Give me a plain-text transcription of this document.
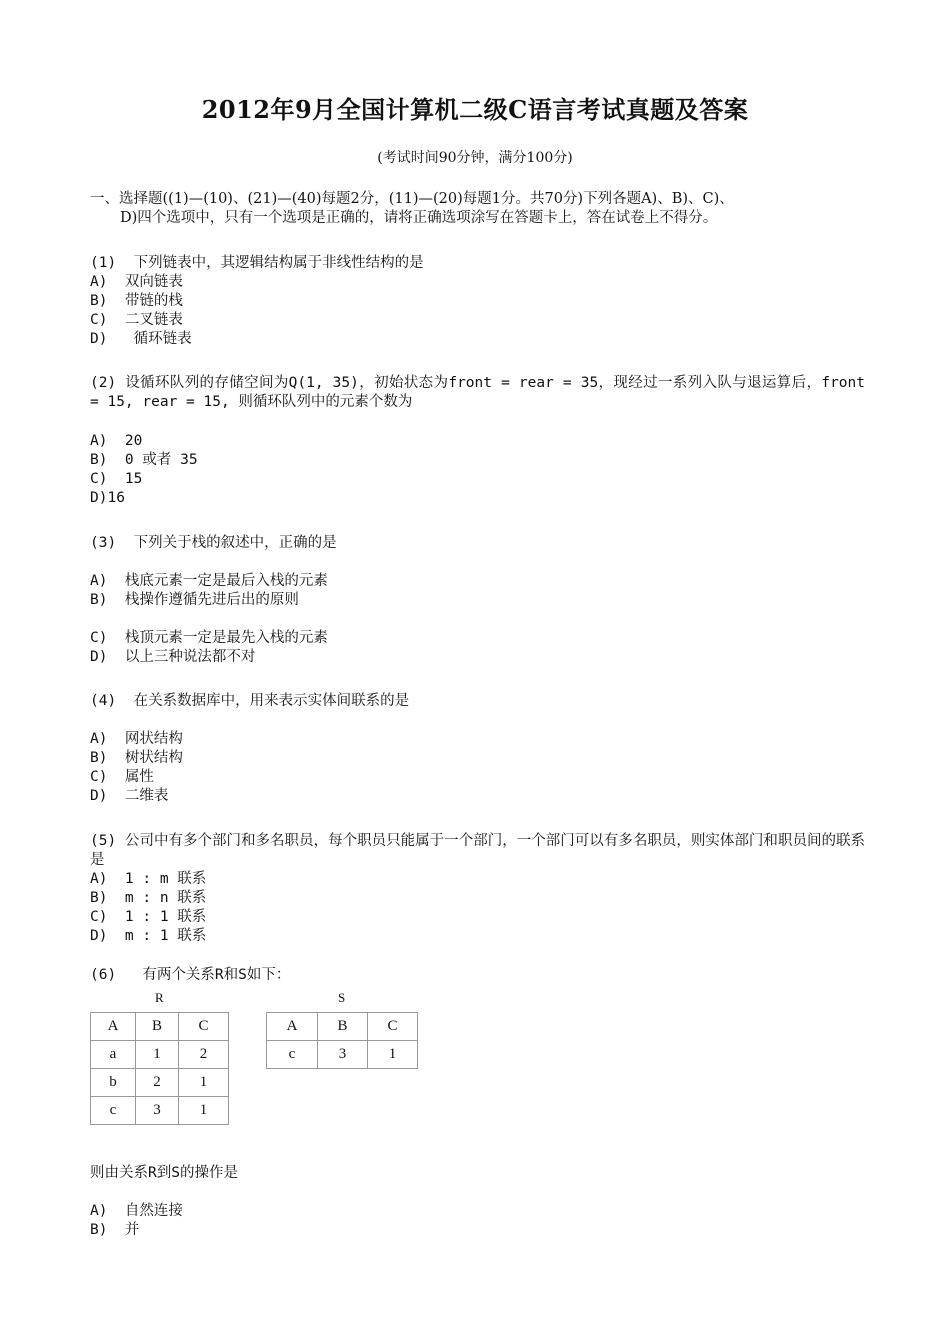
2012年9月全国计算机二级C语言考试真题及答案
(考试时间90分钟，满分100分)
一、选择题((1)—(10)、(21)—(40)每题2分，(11)—(20)每题1分。共70分)下列各题A)、B)、C)、
D)四个选项中，只有一个选项是正确的，请将正确选项涂写在答题卡上，答在试卷上不得分。
(1)  下列链表中，其逻辑结构属于非线性结构的是
A)  双向链表
B)  带链的栈
C)  二叉链表
D)   循环链表
(2) 设循环队列的存储空间为Q(1, 35)，初始状态为front = rear = 35，现经过一系列入队与退运算后，front = 15, rear = 15, 则循环队列中的元素个数为
A)  20
B)  0 或者 35
C)  15
D)16
(3)  下列关于栈的叙述中，正确的是
A)  栈底元素一定是最后入栈的元素
B)  栈操作遵循先进后出的原则
C)  栈顶元素一定是最先入栈的元素
D)  以上三种说法都不对
(4)  在关系数据库中，用来表示实体间联系的是
A)  网状结构
B)  树状结构
C)  属性
D)  二维表
(5) 公司中有多个部门和多名职员，每个职员只能属于一个部门，一个部门可以有多名职员，则实体部门和职员间的联系是
A)  1 : m 联系
B)  m : n 联系
C)  1 : 1 联系
D)  m : 1 联系
(6)   有两个关系R和S如下：
R	S
A	B	C
a	1	2
b	2	1
c	3	1
A	B	C
c	3	1
则由关系R到S的操作是
A)  自然连接
B)  并
